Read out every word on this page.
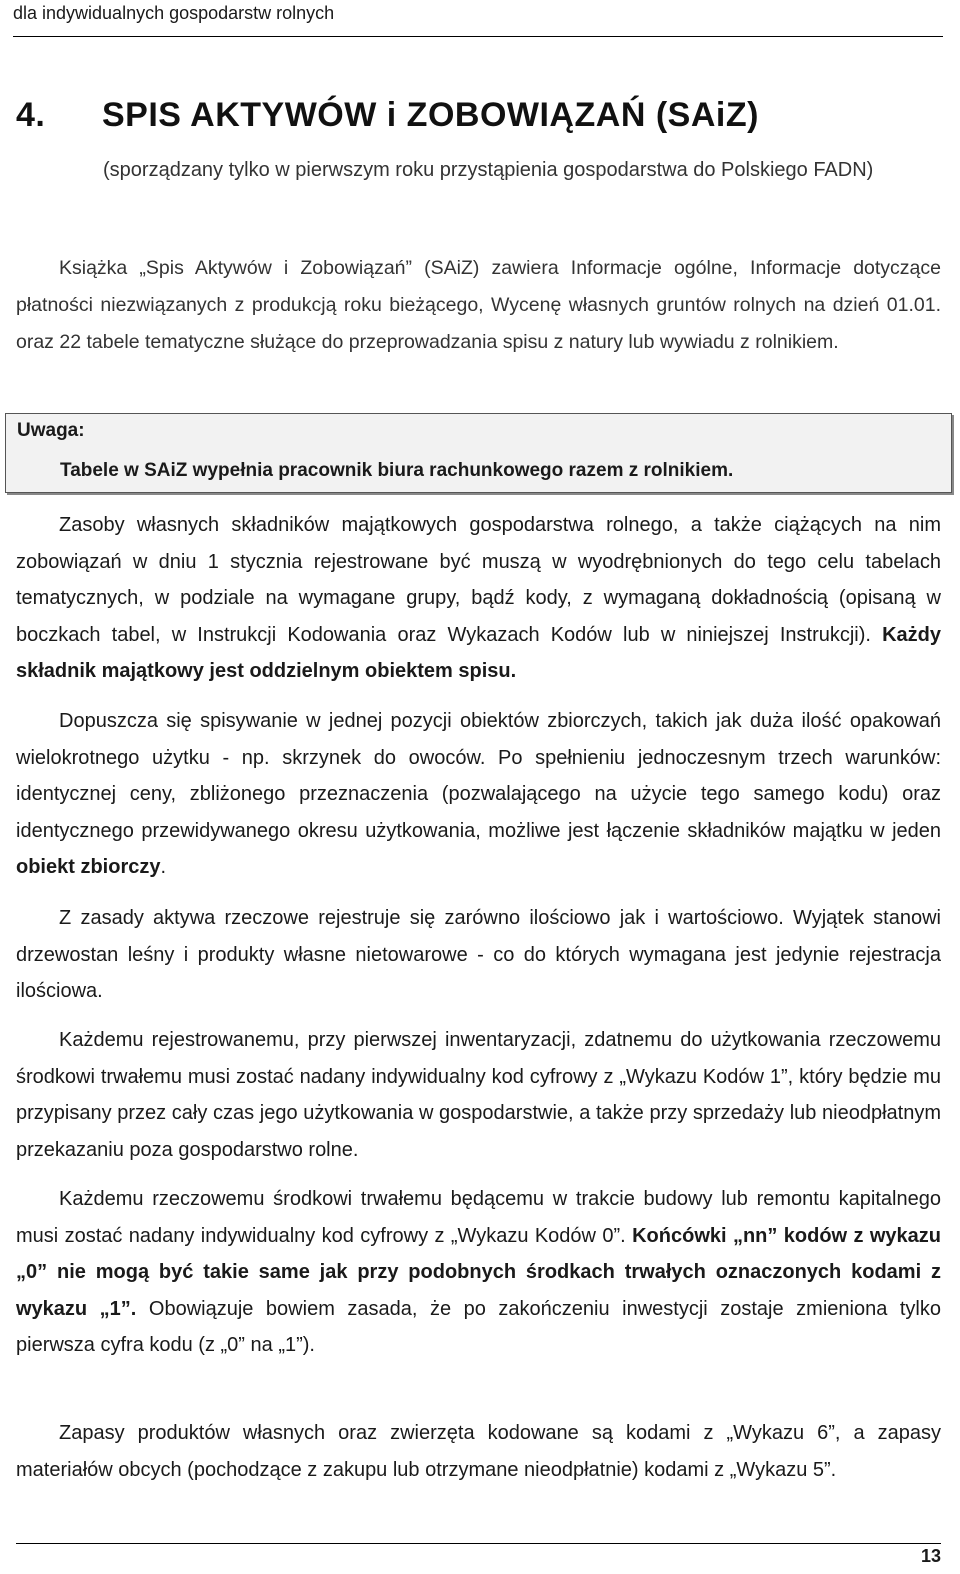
dla indywidualnych gospodarstw rolnych
4. SPIS AKTYWÓW i ZOBOWIĄZAŃ (SAiZ)
(sporządzany tylko w pierwszym roku przystąpienia gospodarstwa do Polskiego FADN)

Książka „Spis Aktywów i Zobowiązań” (SAiZ) zawiera Informacje ogólne, Informacje dotyczące płatności niezwiązanych z produkcją roku bieżącego, Wycenę własnych gruntów rolnych na dzień 01.01. oraz 22 tabele tematyczne służące do przeprowadzania spisu z natury lub wywiadu z rolnikiem.

Uwaga:
Tabele w SAiZ wypełnia pracownik biura rachunkowego razem z rolnikiem.

Zasoby własnych składników majątkowych gospodarstwa rolnego, a także ciążących na nim zobowiązań w dniu 1 stycznia rejestrowane być muszą w wyodrębnionych do tego celu tabelach tematycznych, w podziale na wymagane grupy, bądź kody, z wymaganą dokładnością (opisaną w boczkach tabel, w Instrukcji Kodowania oraz Wykazach Kodów lub w niniejszej Instrukcji). Każdy składnik majątkowy jest oddzielnym obiektem spisu.

Dopuszcza się spisywanie w jednej pozycji obiektów zbiorczych, takich jak duża ilość opakowań wielokrotnego użytku - np. skrzynek do owoców. Po spełnieniu jednoczesnym trzech warunków: identycznej ceny, zbliżonego przeznaczenia (pozwalającego na użycie tego samego kodu) oraz identycznego przewidywanego okresu użytkowania, możliwe jest łączenie składników majątku w jeden obiekt zbiorczy.

Z zasady aktywa rzeczowe rejestruje się zarówno ilościowo jak i wartościowo. Wyjątek stanowi drzewostan leśny i produkty własne nietowarowe - co do których wymagana jest jedynie rejestracja ilościowa.

Każdemu rejestrowanemu, przy pierwszej inwentaryzacji, zdatnemu do użytkowania rzeczowemu środkowi trwałemu musi zostać nadany indywidualny kod cyfrowy z „Wykazu Kodów 1”, który będzie mu przypisany przez cały czas jego użytkowania w gospodarstwie, a także przy sprzedaży lub nieodpłatnym przekazaniu poza gospodarstwo rolne.

Każdemu rzeczowemu środkowi trwałemu będącemu w trakcie budowy lub remontu kapitalnego musi zostać nadany indywidualny kod cyfrowy z „Wykazu Kodów 0”. Końcówki „nn” kodów z wykazu „0” nie mogą być takie same jak przy podobnych środkach trwałych oznaczonych kodami z wykazu „1”. Obowiązuje bowiem zasada, że po zakończeniu inwestycji zostaje zmieniona tylko pierwsza cyfra kodu (z „0” na „1”).

Zapasy produktów własnych oraz zwierzęta kodowane są kodami z „Wykazu 6”, a zapasy materiałów obcych (pochodzące z zakupu lub otrzymane nieodpłatnie) kodami z „Wykazu 5”.

13
